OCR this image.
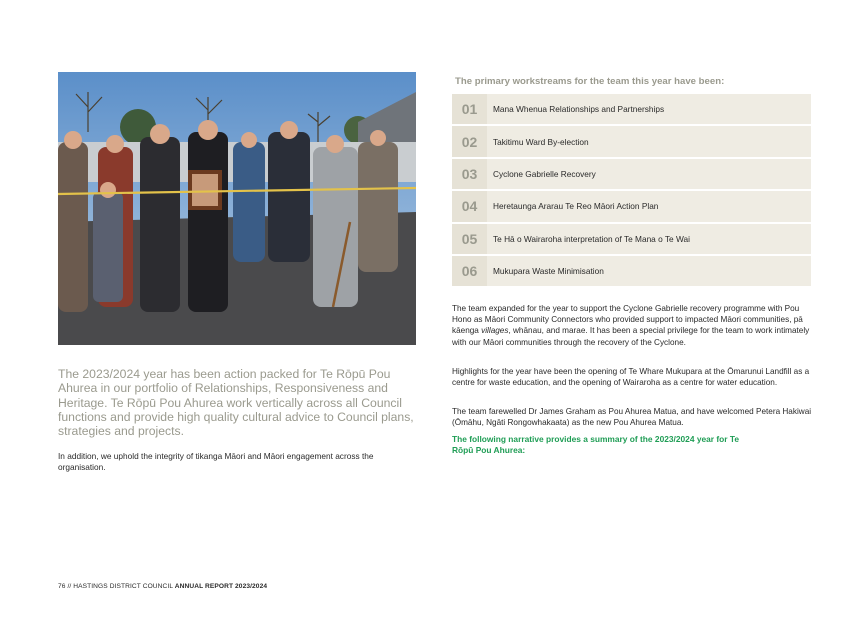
The 2023/2024 year has been action packed for Te Rōpū Pou Ahurea in our portfolio of Relationships, Responsiveness and Heritage. Te Rōpū Pou Ahurea work vertically across all Council functions and provide high quality cultural advice to Council plans, strategies and projects.
In addition, we uphold the integrity of tikanga Māori and Māori engagement across the organisation.
The primary workstreams for the team this year have been:
01	Mana Whenua Relationships and Partnerships
02	Takitimu Ward By-election
03	Cyclone Gabrielle Recovery
04	Heretaunga Ararau Te Reo Māori Action Plan
05	Te Hā o Wairaroha interpretation of Te Mana o Te Wai
06	Mukupara Waste Minimisation

The team expanded for the year to support the Cyclone Gabrielle recovery programme with Pou Hono as Māori Community Connectors who provided support to impacted Māori communities, pā kāenga villages, whānau, and marae. It has been a special privilege for the team to work intimately with our Māori communities through the recovery of the Cyclone.

Highlights for the year have been the opening of Te Whare Mukupara at the Ōmarunui Landfill as a centre for waste education, and the opening of Wairaroha as a centre for water education.

The team farewelled Dr James Graham as Pou Ahurea Matua, and have welcomed Petera Hakiwai (Ōmāhu, Ngāti Rongowhakaata) as the new Pou Ahurea Matua.

The following narrative provides a summary of the 2023/2024 year for Te Rōpū Pou Ahurea:

76 // HASTINGS DISTRICT COUNCIL ANNUAL REPORT 2023/2024
